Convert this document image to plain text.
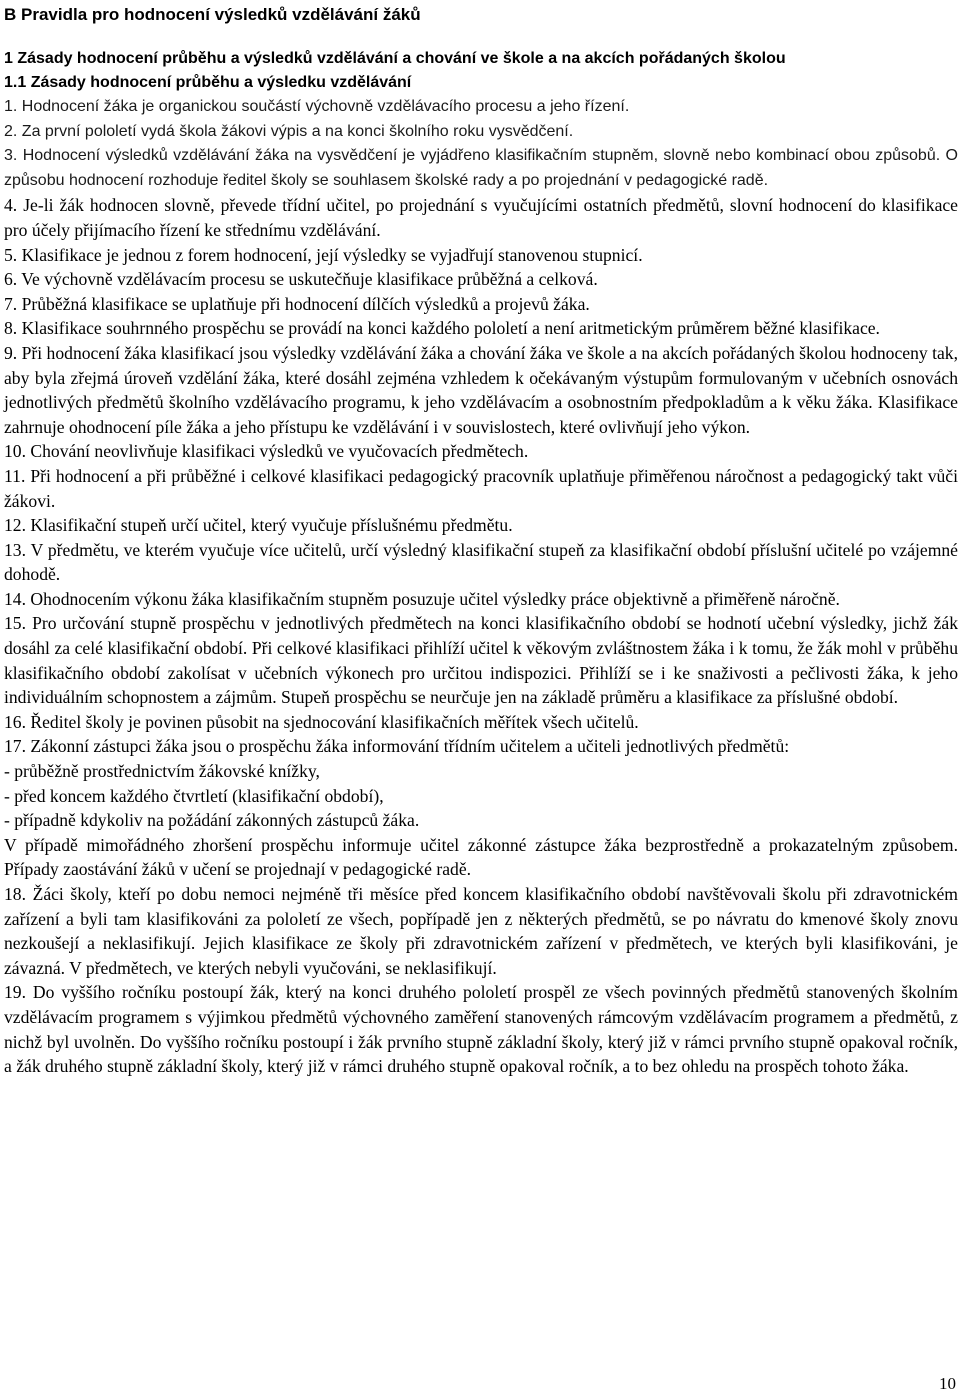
B Pravidla pro hodnocení výsledků vzdělávání žáků
1 Zásady hodnocení průběhu a výsledků vzdělávání a chování ve škole a na akcích pořádaných školou
1.1 Zásady hodnocení průběhu a výsledku vzdělávání
1. Hodnocení žáka je organickou součástí výchovně vzdělávacího procesu a jeho řízení.
2. Za první pololetí vydá škola žákovi výpis a na konci školního roku vysvědčení.
3. Hodnocení výsledků vzdělávání žáka na vysvědčení je vyjádřeno klasifikačním stupněm, slovně nebo kombinací obou způsobů. O způsobu hodnocení rozhoduje ředitel školy se souhlasem školské rady a po projednání v pedagogické radě.
4. Je-li žák hodnocen slovně, převede třídní učitel, po projednání s vyučujícími ostatních předmětů, slovní hodnocení do klasifikace pro účely přijímacího řízení ke střednímu vzdělávání.
5. Klasifikace je jednou z forem hodnocení, její výsledky se vyjadřují stanovenou stupnicí.
6. Ve výchovně vzdělávacím procesu se uskutečňuje klasifikace průběžná a celková.
7. Průběžná klasifikace se uplatňuje při hodnocení dílčích výsledků a projevů žáka.
8. Klasifikace souhrnného prospěchu se provádí na konci každého pololetí a není aritmetickým průměrem běžné klasifikace.
9. Při hodnocení žáka klasifikací jsou výsledky vzdělávání žáka a chování žáka ve škole a na akcích pořádaných školou hodnoceny tak, aby byla zřejmá úroveň vzdělání žáka, které dosáhl zejména vzhledem k očekávaným výstupům formulovaným v učebních osnovách jednotlivých předmětů školního vzdělávacího programu, k jeho vzdělávacím a osobnostním předpokladům a k věku žáka. Klasifikace zahrnuje ohodnocení píle žáka a jeho přístupu ke vzdělávání i v souvislostech, které ovlivňují jeho výkon.
10. Chování neovlivňuje klasifikaci výsledků ve vyučovacích předmětech.
11. Při hodnocení a při průběžné i celkové klasifikaci pedagogický pracovník uplatňuje přiměřenou náročnost a pedagogický takt vůči žákovi.
12. Klasifikační stupeň určí učitel, který vyučuje příslušnému předmětu.
13. V předmětu, ve kterém vyučuje více učitelů, určí výsledný klasifikační stupeň za klasifikační období příslušní učitelé po vzájemné dohodě.
14. Ohodnocením výkonu žáka klasifikačním stupněm posuzuje učitel výsledky práce objektivně a přiměřeně náročně.
15. Pro určování stupně prospěchu v jednotlivých předmětech na konci klasifikačního období se hodnotí učební výsledky, jichž žák dosáhl za celé klasifikační období. Při celkové klasifikaci přihlíží učitel k věkovým zvláštnostem žáka i k tomu, že žák mohl v průběhu klasifikačního období zakolísat v učebních výkonech pro určitou indispozici. Přihlíží se i ke snaživosti a pečlivosti žáka, k jeho individuálním schopnostem a zájmům. Stupeň prospěchu se neurčuje jen na základě průměru a klasifikace za příslušné období.
16. Ředitel školy je povinen působit na sjednocování klasifikačních měřítek všech učitelů.
17. Zákonní zástupci žáka jsou o prospěchu žáka informování třídním učitelem a učiteli jednotlivých předmětů:
- průběžně prostřednictvím žákovské knížky,
- před koncem každého čtvrtletí (klasifikační období),
- případně kdykoliv na požádání zákonných zástupců žáka.
V případě mimořádného zhoršení prospěchu informuje učitel zákonné zástupce žáka bezprostředně a prokazatelným způsobem. Případy zaostávání žáků v učení se projednají v pedagogické radě.
18. Žáci školy, kteří po dobu nemoci nejméně tři měsíce před koncem klasifikačního období navštěvovali školu při zdravotnickém zařízení a byli tam klasifikováni za pololetí ze všech, popřípadě jen z některých předmětů, se po návratu do kmenové školy znovu nezkoušejí a neklasifikují. Jejich klasifikace ze školy při zdravotnickém zařízení v předmětech, ve kterých byli klasifikováni, je závazná. V předmětech, ve kterých nebyli vyučováni, se neklasifikují.
19. Do vyššího ročníku postoupí žák, který na konci druhého pololetí prospěl ze všech povinných předmětů stanovených školním vzdělávacím programem s výjimkou předmětů výchovného zaměření stanovených rámcovým vzdělávacím programem a předmětů, z nichž byl uvolněn. Do vyššího ročníku postoupí i žák prvního stupně základní školy, který již v rámci prvního stupně opakoval ročník, a žák druhého stupně základní školy, který již v rámci druhého stupně opakoval ročník, a to bez ohledu na prospěch tohoto žáka.
10
